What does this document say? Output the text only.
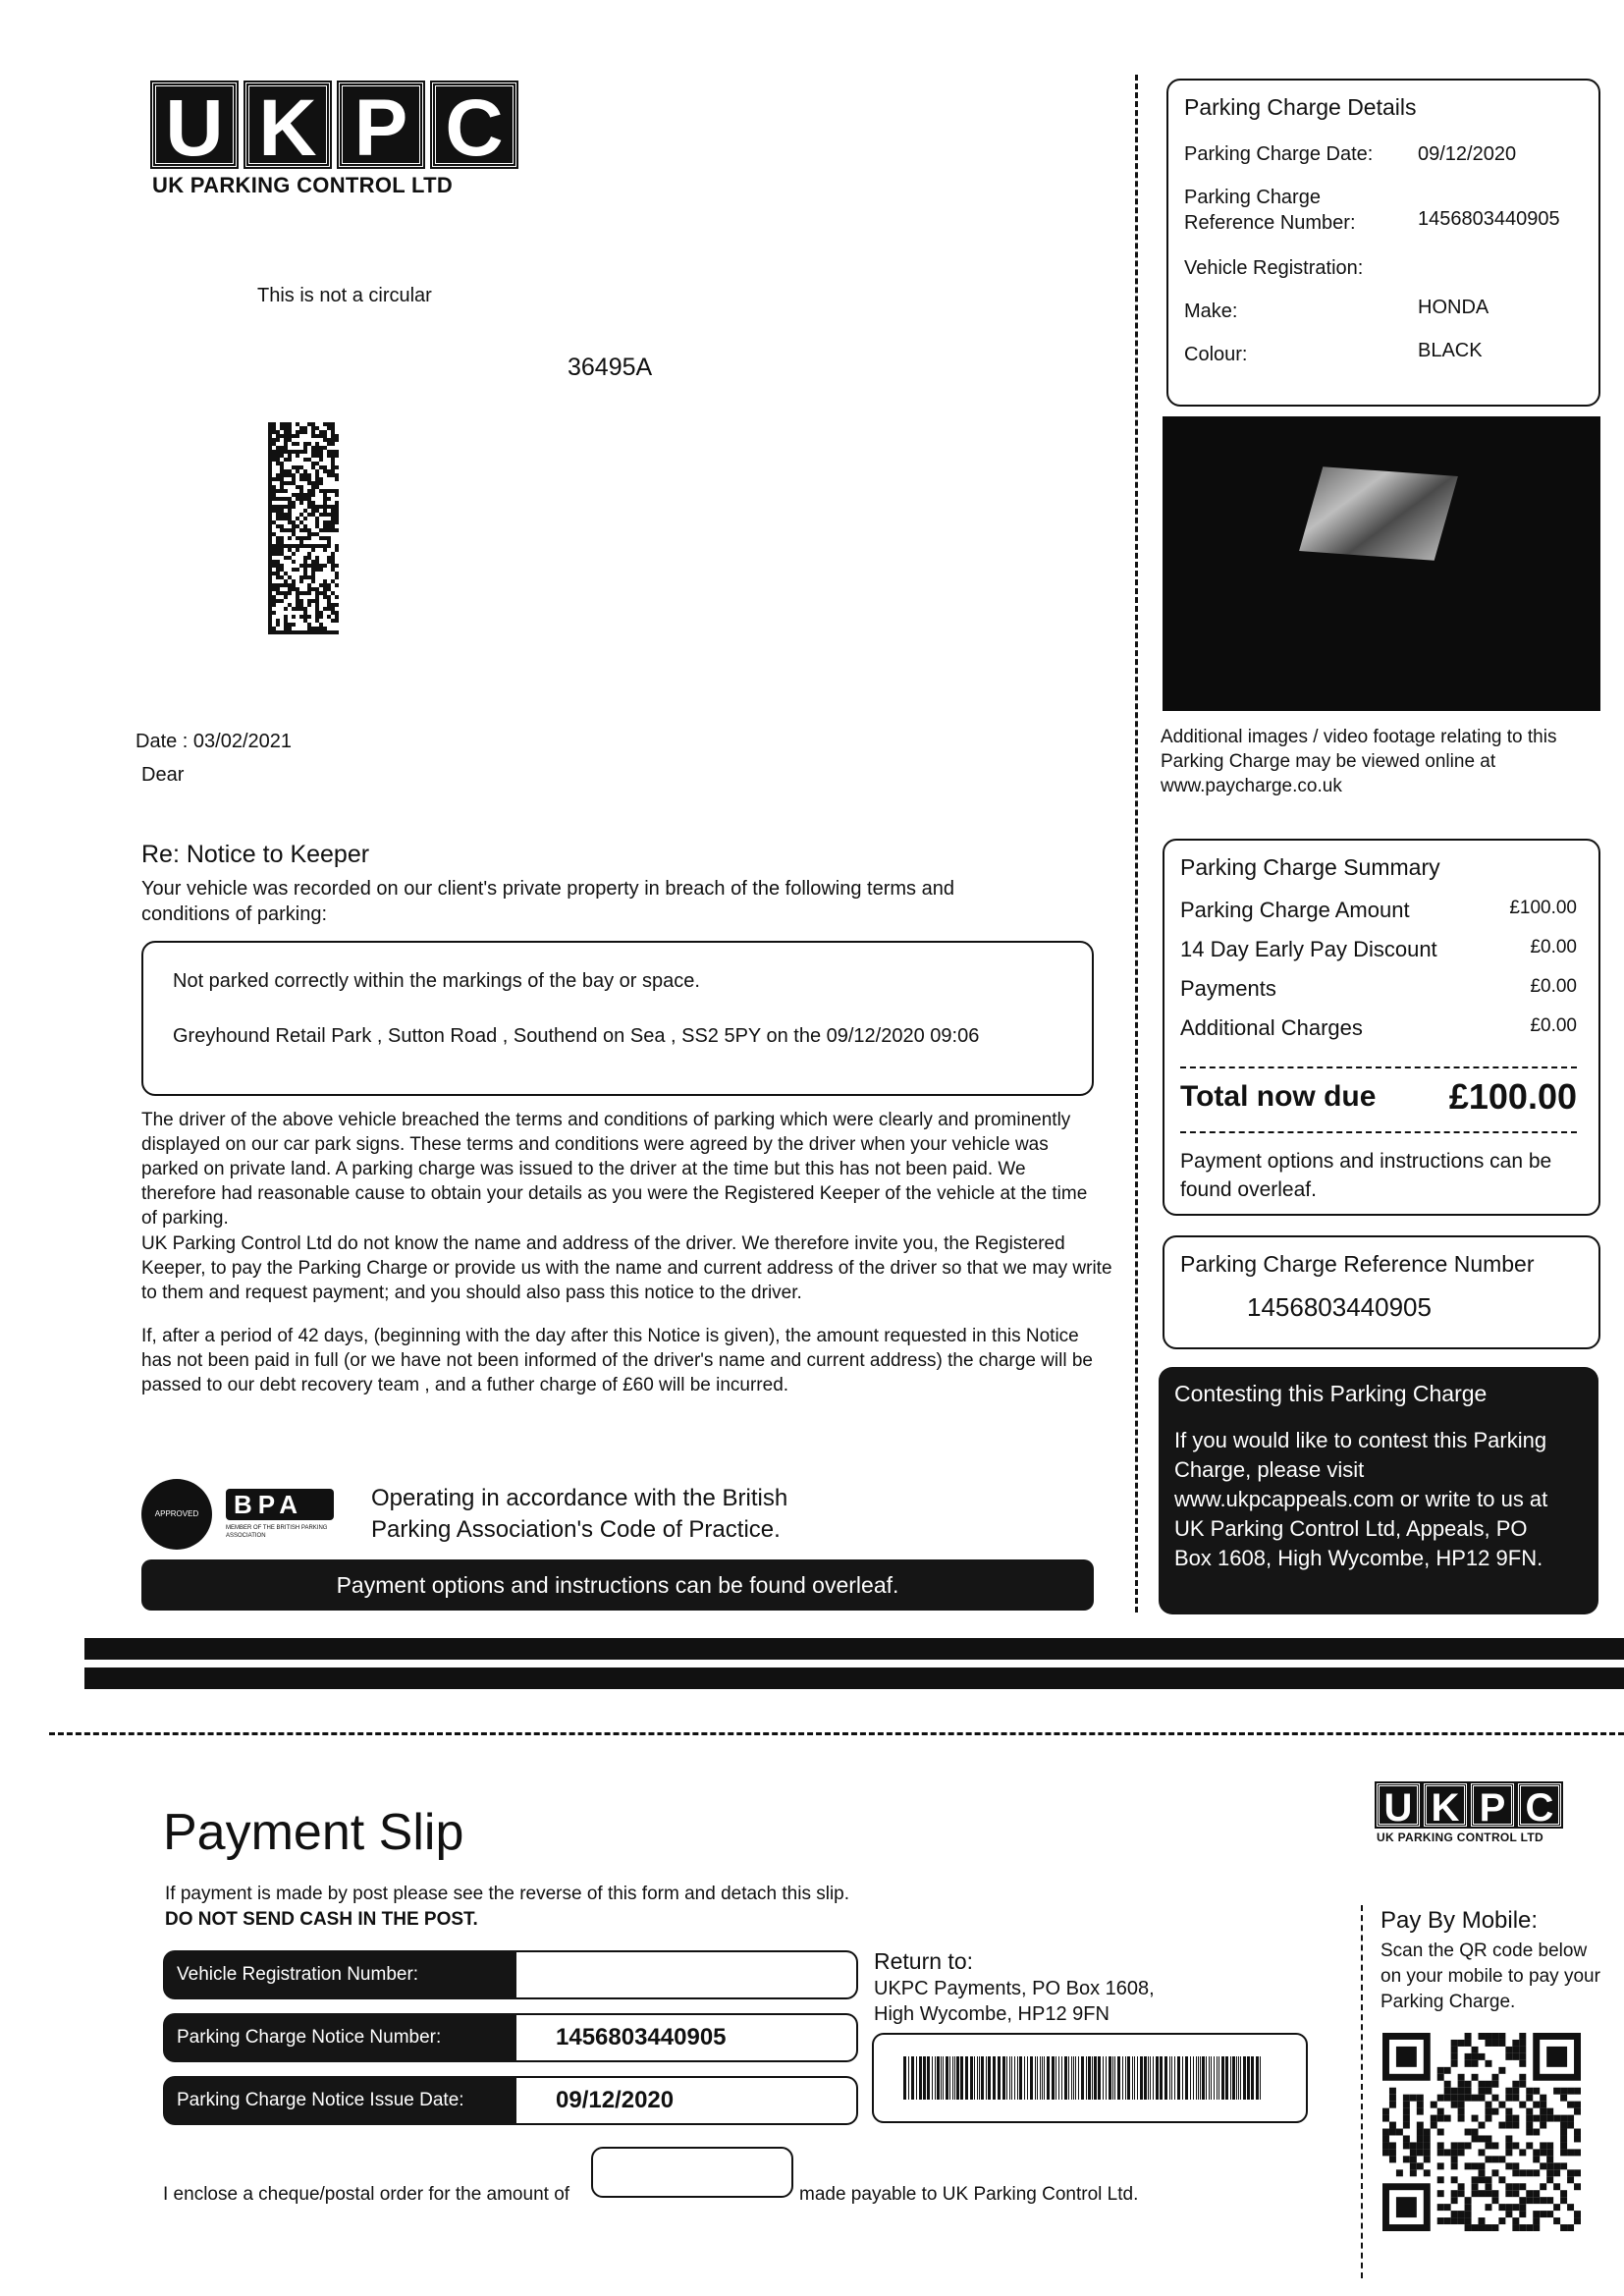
U K P C
UK PARKING CONTROL LTD
This is not a circular
36495A
Date : 03/02/2021
Dear
Re: Notice to Keeper
Your vehicle was recorded on our client's private property in breach of the following terms and conditions of parking:
Not parked correctly within the markings of the bay or space.
Greyhound Retail Park , Sutton Road , Southend on Sea , SS2 5PY on the 09/12/2020 09:06
The driver of the above vehicle breached the terms and conditions of parking which were clearly and prominently displayed on our car park signs. These terms and conditions were agreed by the driver when your vehicle was parked on private land. A parking charge was issued to the driver at the time but this has not been paid. We therefore had reasonable cause to obtain your details as you were the Registered Keeper of the vehicle at the time of parking.
UK Parking Control Ltd do not know the name and address of the driver. We therefore invite you, the Registered Keeper, to pay the Parking Charge or provide us with the name and current address of the driver so that we may write to them and request payment; and you should also pass this notice to the driver.
If, after a period of 42 days, (beginning with the day after this Notice is given), the amount requested in this Notice has not been paid in full (or we have not been informed of the driver's name and current address) the charge will be passed to our debt recovery team , and a futher charge of £60 will be incurred.
APPROVED	BPA
MEMBER OF THE BRITISH PARKING ASSOCIATION
Operating in accordance with the British
Parking Association's Code of Practice.
Payment options and instructions can be found overleaf.
Parking Charge Details
Parking Charge Date: 09/12/2020
Parking Charge
Reference Number:	1456803440905
Vehicle Registration:
Make:	HONDA
Colour:	BLACK
Additional images / video footage relating to this Parking Charge may be viewed online at www.paycharge.co.uk
Parking Charge Summary
Parking Charge Amount	£100.00
14 Day Early Pay Discount	£0.00
Payments	£0.00
Additional Charges	£0.00
Total now due £100.00
Payment options and instructions can be found overleaf.
Parking Charge Reference Number
1456803440905
Contesting this Parking Charge
If you would like to contest this Parking Charge, please visit www.ukpcappeals.com or write to us at UK Parking Control Ltd, Appeals, PO Box 1608, High Wycombe, HP12 9FN.
Payment Slip
If payment is made by post please see the reverse of this form and detach this slip.
DO NOT SEND CASH IN THE POST.
Vehicle Registration Number:
Parking Charge Notice Number:	1456803440905
Parking Charge Notice Issue Date:	09/12/2020
Return to:
UKPC Payments, PO Box 1608,
High Wycombe, HP12 9FN
I enclose a cheque/postal order for the amount of	made payable to UK Parking Control Ltd.
U K P C
UK PARKING CONTROL LTD
Pay By Mobile:
Scan the QR code below on your mobile to pay your Parking Charge.
